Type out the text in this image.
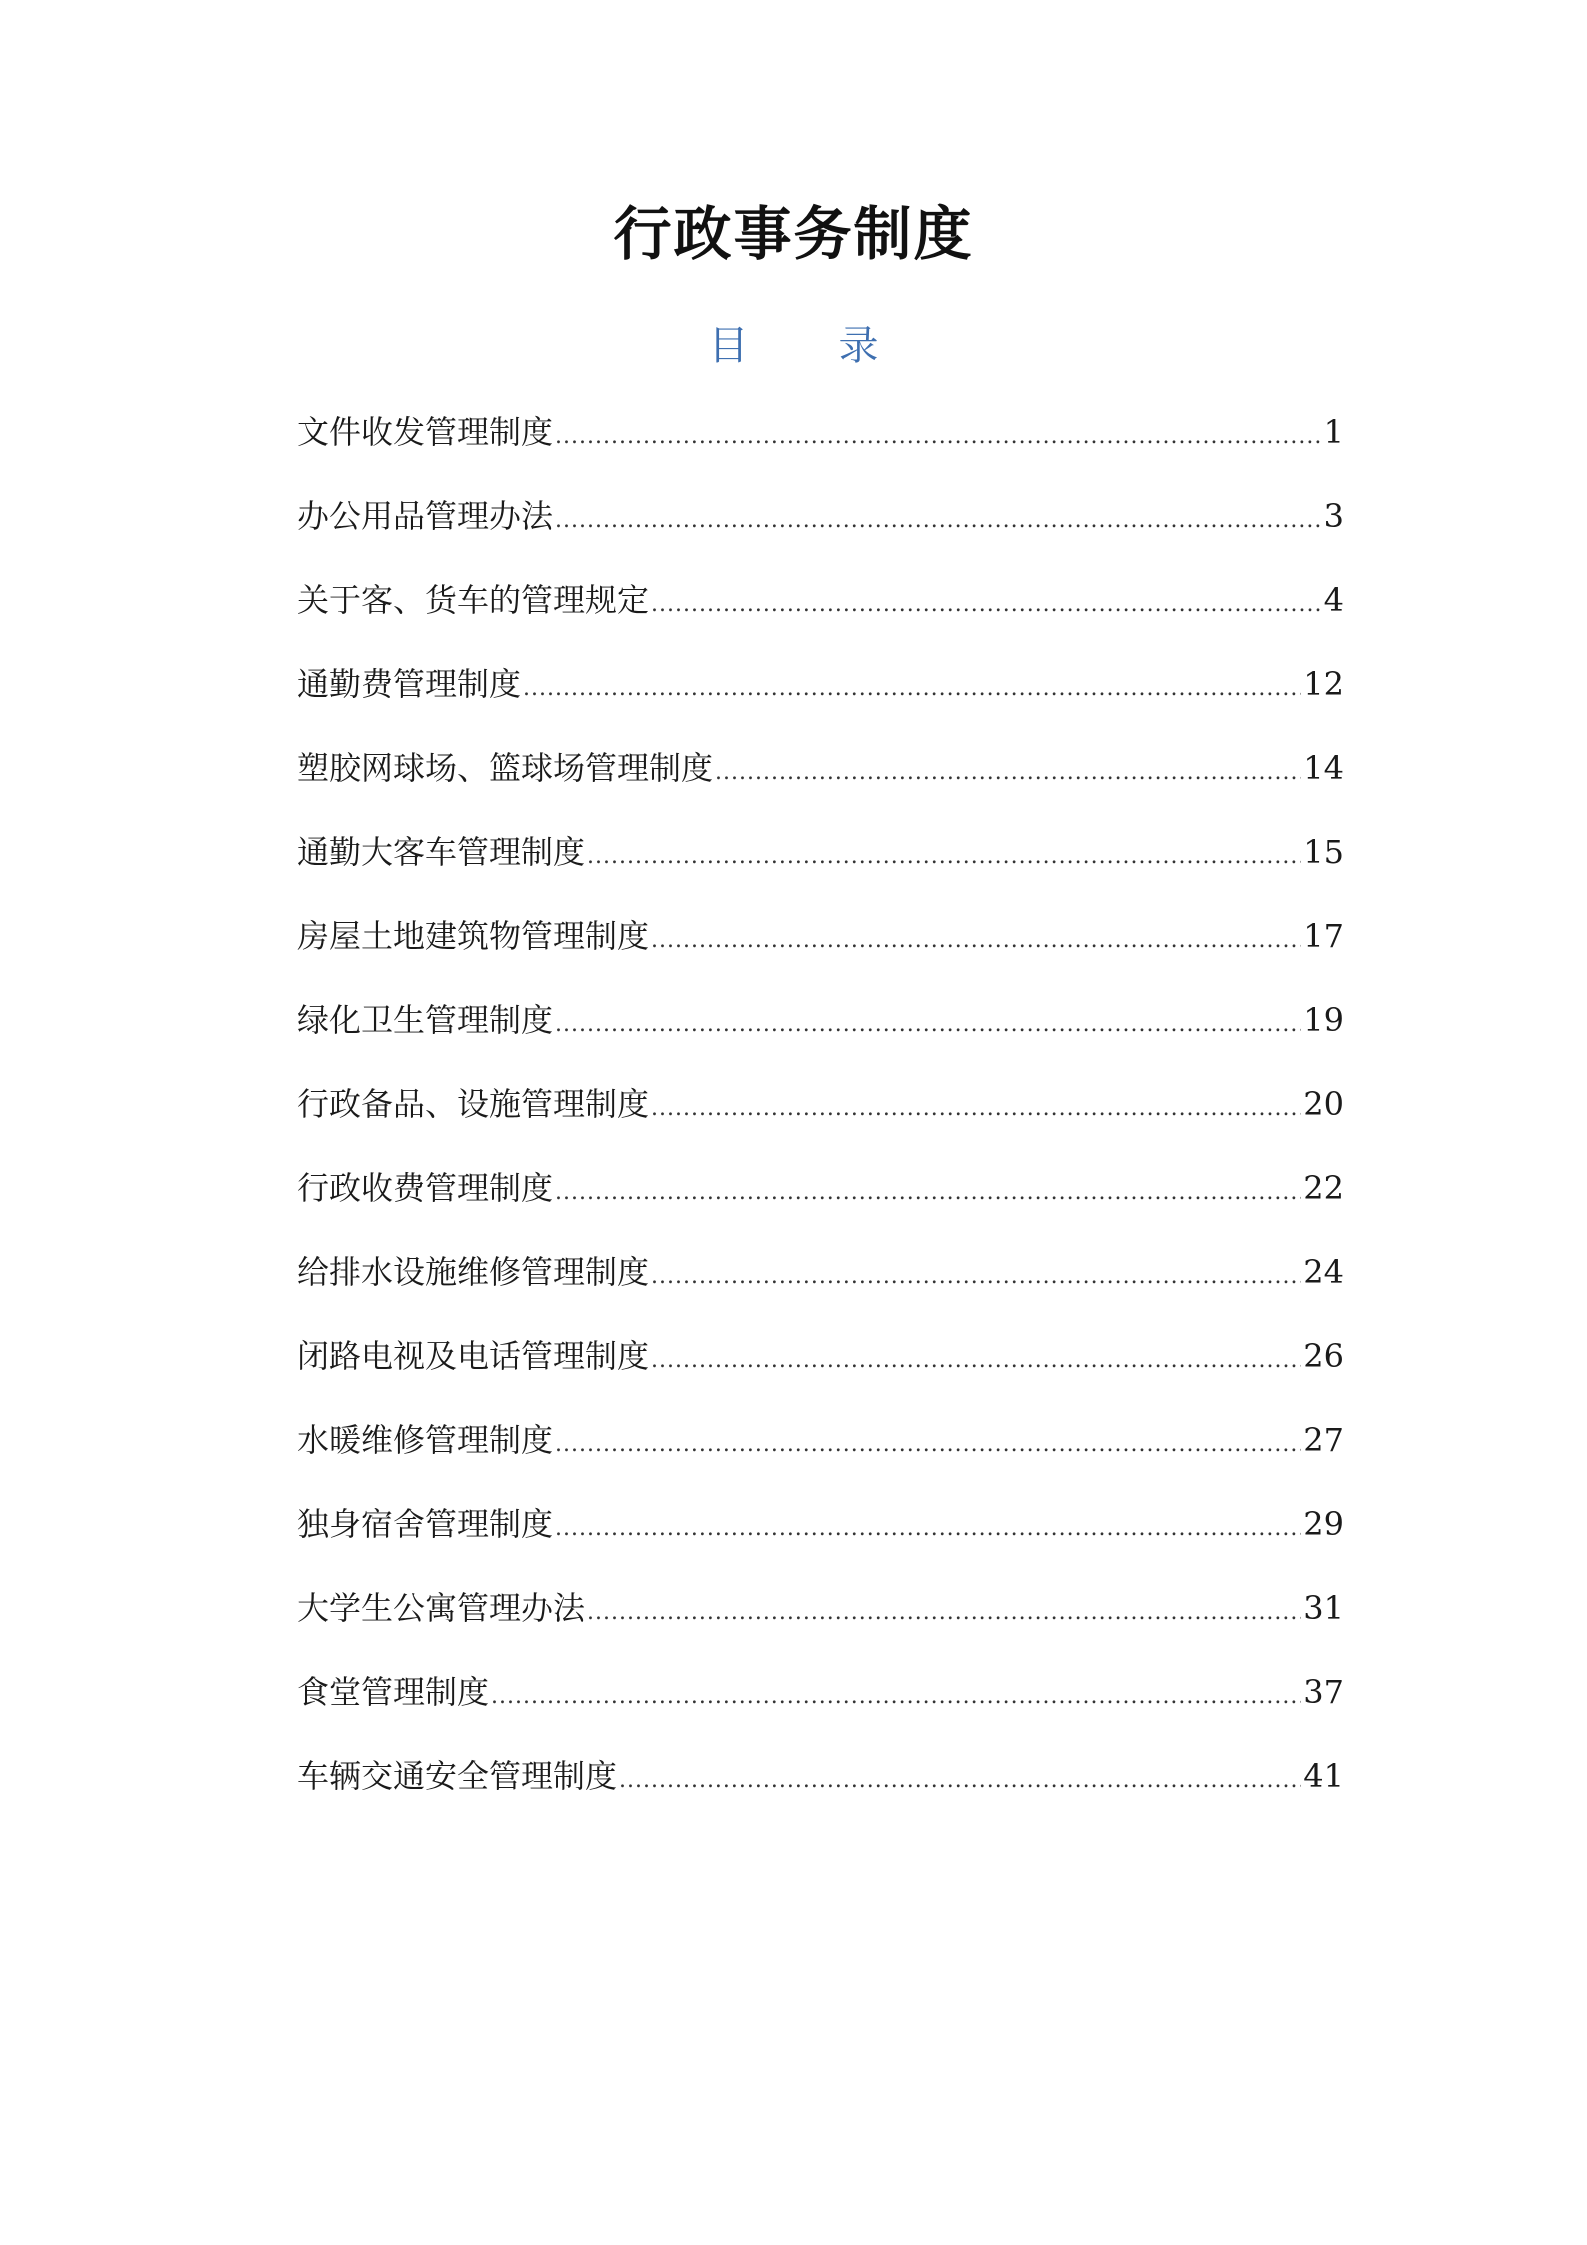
行政事务制度
目 录
文件收发管理制度 .....	1
办公用品管理办法 .....	3
关于客、货车的管理规定 .....	4
通勤费管理制度 .....	12
塑胶网球场、篮球场管理制度 .....	14
通勤大客车管理制度 .....	15
房屋土地建筑物管理制度 .....	17
绿化卫生管理制度 .....	19
行政备品、设施管理制度 .....	20
行政收费管理制度 .....	22
给排水设施维修管理制度 .....	24
闭路电视及电话管理制度 .....	26
水暖维修管理制度 .....	27
独身宿舍管理制度 .....	29
大学生公寓管理办法 .....	31
食堂管理制度 .....	37
车辆交通安全管理制度 .....	41
